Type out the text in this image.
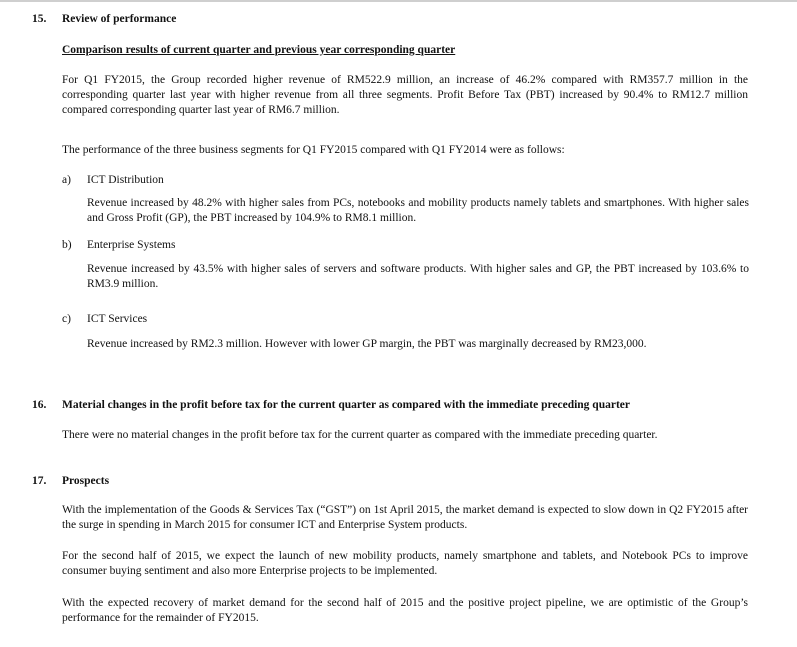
15. Review of performance
Comparison results of current quarter and previous year corresponding quarter
For Q1 FY2015, the Group recorded higher revenue of RM522.9 million, an increase of 46.2% compared with RM357.7 million in the corresponding quarter last year with higher revenue from all three segments. Profit Before Tax (PBT) increased by 90.4% to RM12.7 million compared corresponding quarter last year of RM6.7 million.
The performance of the three business segments for Q1 FY2015 compared with Q1 FY2014 were as follows:
a) ICT Distribution
Revenue increased by 48.2% with higher sales from PCs, notebooks and mobility products namely tablets and smartphones. With higher sales and Gross Profit (GP), the PBT increased by 104.9% to RM8.1 million.
b) Enterprise Systems
Revenue increased by 43.5% with higher sales of servers and software products. With higher sales and GP, the PBT increased by 103.6% to RM3.9 million.
c) ICT Services
Revenue increased by RM2.3 million. However with lower GP margin, the PBT was marginally decreased by RM23,000.
16. Material changes in the profit before tax for the current quarter as compared with the immediate preceding quarter
There were no material changes in the profit before tax for the current quarter as compared with the immediate preceding quarter.
17. Prospects
With the implementation of the Goods & Services Tax (“GST”) on 1st April 2015, the market demand is expected to slow down in Q2 FY2015 after the surge in spending in March 2015 for consumer ICT and Enterprise System products.
For the second half of 2015, we expect the launch of new mobility products, namely smartphone and tablets, and Notebook PCs to improve consumer buying sentiment and also more Enterprise projects to be implemented.
With the expected recovery of market demand for the second half of 2015 and the positive project pipeline, we are optimistic of the Group’s performance for the remainder of FY2015.
